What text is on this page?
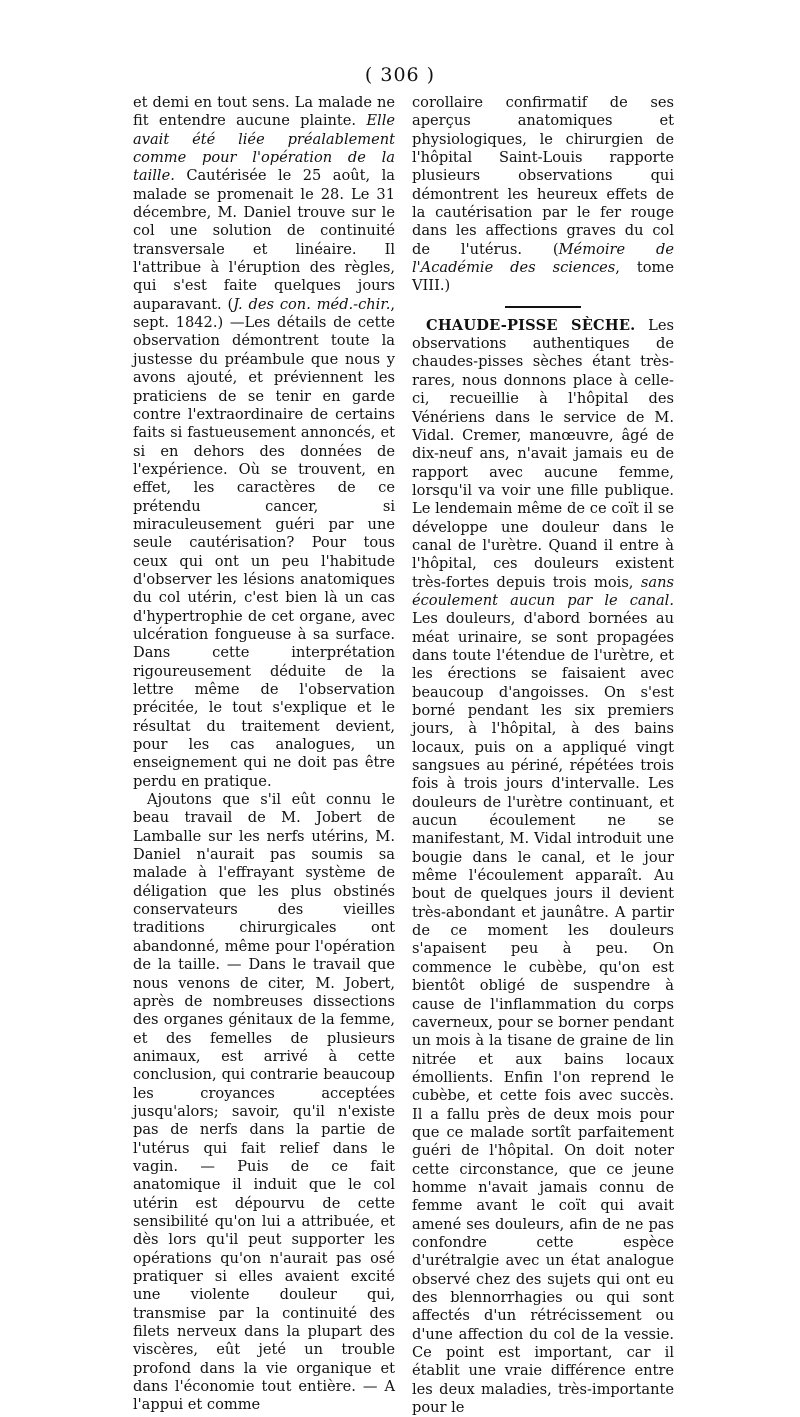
( 306 )

et demi en tout sens. La malade ne fit entendre aucune plainte. Elle avait été liée préalablement comme pour l'opération de la taille. Cautérisée le 25 août, la malade se promenait le 28. Le 31 décembre, M. Daniel trouve sur le col une solution de continuité transversale et linéaire. Il l'attribue à l'éruption des règles, qui s'est faite quelques jours auparavant. (J. des con. méd.-chir., sept. 1842.) —Les détails de cette observation démontrent toute la justesse du préambule que nous y avons ajouté, et préviennent les praticiens de se tenir en garde contre l'extraordinaire de certains faits si fastueusement annoncés, et si en dehors des données de l'expérience. Où se trouvent, en effet, les caractères de ce prétendu cancer, si miraculeusement guéri par une seule cautérisation? Pour tous ceux qui ont un peu l'habitude d'observer les lésions anatomiques du col utérin, c'est bien là un cas d'hypertrophie de cet organe, avec ulcération fongueuse à sa surface. Dans cette interprétation rigoureusement déduite de la lettre même de l'observation précitée, le tout s'explique et le résultat du traitement devient, pour les cas analogues, un enseignement qui ne doit pas être perdu en pratique.

Ajoutons que s'il eût connu le beau travail de M. Jobert de Lamballe sur les nerfs utérins, M. Daniel n'aurait pas soumis sa malade à l'effrayant système de déligation que les plus obstinés conservateurs des vieilles traditions chirurgicales ont abandonné, même pour l'opération de la taille. — Dans le travail que nous venons de citer, M. Jobert, après de nombreuses dissections des organes génitaux de la femme, et des femelles de plusieurs animaux, est arrivé à cette conclusion, qui contrarie beaucoup les croyances acceptées jusqu'alors; savoir, qu'il n'existe pas de nerfs dans la partie de l'utérus qui fait relief dans le vagin. — Puis de ce fait anatomique il induit que le col utérin est dépourvu de cette sensibilité qu'on lui a attribuée, et dès lors qu'il peut supporter les opérations qu'on n'aurait pas osé pratiquer si elles avaient excité une violente douleur qui, transmise par la continuité des filets nerveux dans la plupart des viscères, eût jeté un trouble profond dans la vie organique et dans l'économie tout entière. — A l'appui et comme

corollaire confirmatif de ses aperçus anatomiques et physiologiques, le chirurgien de l'hôpital Saint-Louis rapporte plusieurs observations qui démontrent les heureux effets de la cautérisation par le fer rouge dans les affections graves du col de l'utérus. (Mémoire de l'Académie des sciences, tome VIII.)

CHAUDE-PISSE SÈCHE. Les observations authentiques de chaudes-pisses sèches étant très-rares, nous donnons place à celle-ci, recueillie à l'hôpital des Vénériens dans le service de M. Vidal. Cremer, manœuvre, âgé de dix-neuf ans, n'avait jamais eu de rapport avec aucune femme, lorsqu'il va voir une fille publique. Le lendemain même de ce coït il se développe une douleur dans le canal de l'urètre. Quand il entre à l'hôpital, ces douleurs existent très-fortes depuis trois mois, sans écoulement aucun par le canal. Les douleurs, d'abord bornées au méat urinaire, se sont propagées dans toute l'étendue de l'urètre, et les érections se faisaient avec beaucoup d'angoisses. On s'est borné pendant les six premiers jours, à l'hôpital, à des bains locaux, puis on a appliqué vingt sangsues au périné, répétées trois fois à trois jours d'intervalle. Les douleurs de l'urètre continuant, et aucun écoulement ne se manifestant, M. Vidal introduit une bougie dans le canal, et le jour même l'écoulement apparaît. Au bout de quelques jours il devient très-abondant et jaunâtre. A partir de ce moment les douleurs s'apaisent peu à peu. On commence le cubèbe, qu'on est bientôt obligé de suspendre à cause de l'inflammation du corps caverneux, pour se borner pendant un mois à la tisane de graine de lin nitrée et aux bains locaux émollients. Enfin l'on reprend le cubèbe, et cette fois avec succès. Il a fallu près de deux mois pour que ce malade sortît parfaitement guéri de l'hôpital. On doit noter cette circonstance, que ce jeune homme n'avait jamais connu de femme avant le coït qui avait amené ses douleurs, afin de ne pas confondre cette espèce d'urétralgie avec un état analogue observé chez des sujets qui ont eu des blennorrhagies ou qui sont affectés d'un rétrécissement ou d'une affection du col de la vessie. Ce point est important, car il établit une vraie différence entre les deux maladies, très-importante pour le
